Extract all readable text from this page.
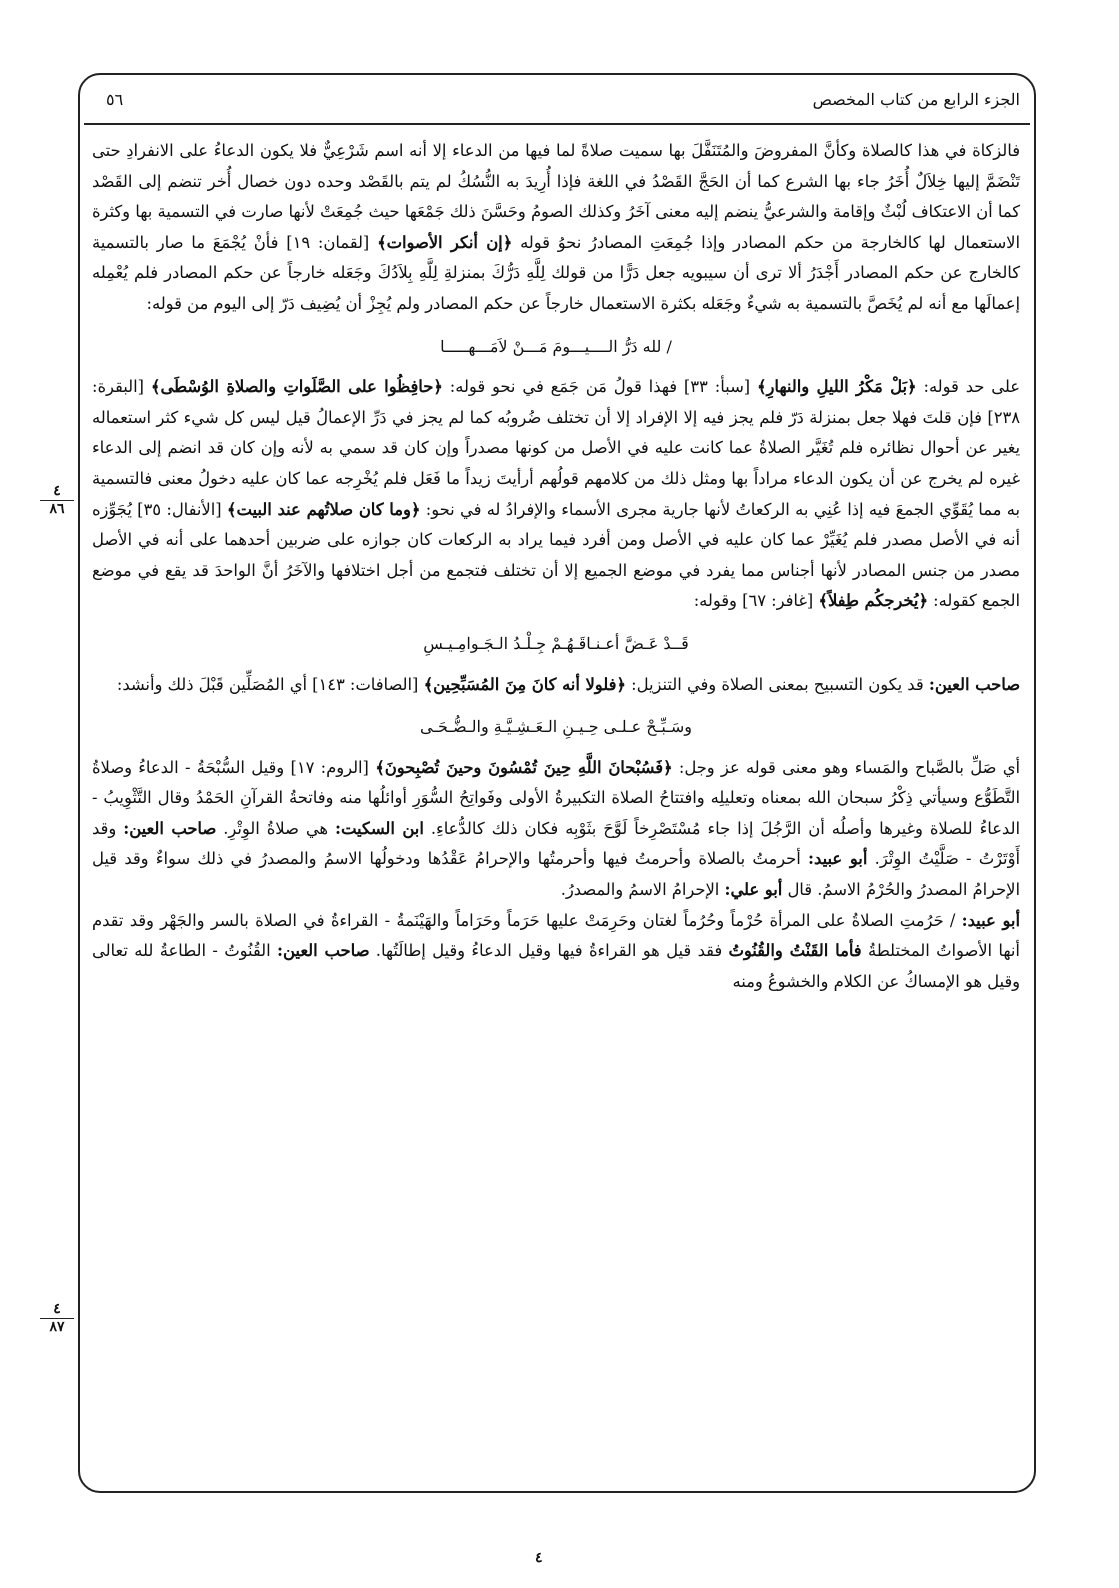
الجزء الرابع من كتاب المخصص
٥٦
٤
٨٦
٤
٨٧

فالزكاة في هذا كالصلاة وكأنَّ المفروضَ والمُتَنَفَّلَ بها سميت صلاةً لما فيها من الدعاء إلا أنه اسم شَرْعِيٌّ فلا يكون الدعاءُ على الانفرادِ حتى تَنْضَمَّ إليها خِلاَلٌ أُخَرُ جاء بها الشرع كما أن الحَجَّ القَصْدُ في اللغة فإذا أُرِيدَ به النُّسُكُ لم يتم بالقَصْد وحده دون خصال أُخر تنضم إلى القَصْد كما أن الاعتكاف لُبْثٌ وإقامة والشرعيُّ ينضم إليه معنى آخَرُ وكذلك الصومُ وحَسَّنَ ذلك جَمْعَها حيث جُمِعَتْ لأنها صارت في التسمية بها وكثرة الاستعمال لها كالخارجة من حكم المصادر وإذا جُمِعَتِ المصادرُ نحوُ قوله ﴿إن أنكر الأصوات﴾ [لقمان: ١٩] فأنْ يُجْمَعَ ما صار بالتسمية كالخارج عن حكم المصادر أَجْدَرُ ألا ترى أن سيبويه جعل دَرًّا من قولك لِلَّهِ دَرُّكَ بمنزلةِ لِلَّهِ بِلاَدُكَ وجَعَله خارجاً عن حكم المصادر فلم يُعْمِله إعمالَها مع أنه لم يُخَصَّ بالتسمية به شيءٌ وجَعَله بكثرة الاستعمال خارجاً عن حكم المصادر ولم يُجِزْ أن يُضِيف دَرّ إلى اليوم من قوله:

/ لله دَرُّ الــــيـــومَ مَـــنْ لاَمَـــهـــــا

على حد قوله: ﴿بَلْ مَكْرُ الليلِ والنهارِ﴾ [سبأ: ٣٣] فهذا قولُ مَن جَمَع في نحو قوله: ﴿حافِظُوا على الصَّلَواتِ والصلاةِ الوُسْطَى﴾ [البقرة: ٢٣٨] فإن قلتَ فهلا جعل بمنزلة دَرّ فلم يجز فيه إلا الإفراد إلا أن تختلف ضُروبُه كما لم يجز في دَرِّ الإعمالُ قيل ليس كل شيء كثر استعماله يغير عن أحوال نظائره فلم تُغَيَّر الصلاةُ عما كانت عليه في الأصل من كونها مصدراً وإن كان قد سمي به لأنه وإن كان قد انضم إلى الدعاء غيره لم يخرج عن أن يكون الدعاء مراداً بها ومثل ذلك من كلامهم قولُهم أرأيتَ زيداً ما فَعَل فلم يُخْرِجه عما كان عليه دخولُ معنى فالتسمية به مما يُقَوِّي الجمعَ فيه إذا عُنِي به الركعاتُ لأنها جارية مجرى الأسماء والإفرادُ له في نحو: ﴿وما كان صلاتُهم عند البيت﴾ [الأنفال: ٣٥] يُجَوِّزه أنه في الأصل مصدر فلم يُغَيِّرْ عما كان عليه في الأصل ومن أفرد فيما يراد به الركعات كان جوازه على ضربين أحدهما على أنه في الأصل مصدر من جنس المصادر لأنها أجناس مما يفرد في موضع الجميع إلا أن تختلف فتجمع من أجل اختلافها والآخَرُ أنَّ الواحدَ قد يقع في موضع الجمع كقوله: ﴿يُخرجكُم طِفلاً﴾ [غافر: ٦٧] وقوله:

قَــدْ عَـضَّ أعـنـاقَـهُـمْ جِـلْـدُ الـجَـوامِـيـسِ

صاحب العين: قد يكون التسبيح بمعنى الصلاة وفي التنزيل: ﴿فلولا أنه كانَ مِنَ المُسَبِّحِين﴾ [الصافات: ١٤٣] أي المُصَلِّين قَبْلَ ذلك وأنشد:

وسَـبِّـحْ عـلـى حِـيـنِ الـعَـشِـيَّـةِ والـضُّـحَـى

أي صَلِّ بالصَّباح والمَساء وهو معنى قوله عز وجل: ﴿فَسُبْحانَ اللَّهِ حِينَ تُمْسُونَ وحينَ تُصْبِحونَ﴾ [الروم: ١٧] وقيل السُّبْحَةُ - الدعاءُ وصلاةُ التَّطَوُّع وسيأتي ذِكْرُ سبحان الله بمعناه وتعليلِه وافتتاحُ الصلاة التكبيرةُ الأولى وفَواتِحُ السُّوَرِ أوائلُها منه وفاتحةُ القرآنِ الحَمْدُ وقال التَّثْوِيبُ - الدعاءُ للصلاة وغيرها وأصلُه أن الرَّجُلَ إذا جاء مُسْتَصْرِخاً لَوَّحَ بثَوْبِه فكان ذلك كالدُّعاءِ. ابن السكيت: هي صلاةُ الوِتْرِ. صاحب العين: وقد أَوْتَرْتُ - صَلَّيْتُ الوِتْرَ. أبو عبيد: أحرمتُ بالصلاة وأحرمتُ فيها وأحرمتُها والإحرامُ عَقْدُها ودخولُها الاسمُ والمصدرُ في ذلك سواءٌ وقد قيل الإحرامُ المصدرُ والحُرْمُ الاسمُ. قال أبو علي: الإحرامُ الاسمُ والمصدرُ.

أبو عبيد: / حَرُمتِ الصلاةُ على المرأة حُرْماً وحُرُماً لغتان وحَرِمَتْ عليها حَرَماً وحَرَاماً والهَيْنَمةُ - القراءةُ في الصلاة بالسر والجَهْر وقد تقدم أنها الأصواتُ المختلطةُ فأما القَنْتُ والقُنُوتُ فقد قيل هو القراءةُ فيها وقيل الدعاءُ وقيل إطالَتُها. صاحب العين: القُنُوتُ - الطاعةُ لله تعالى وقيل هو الإمساكُ عن الكلام والخشوعُ ومنه

٤
